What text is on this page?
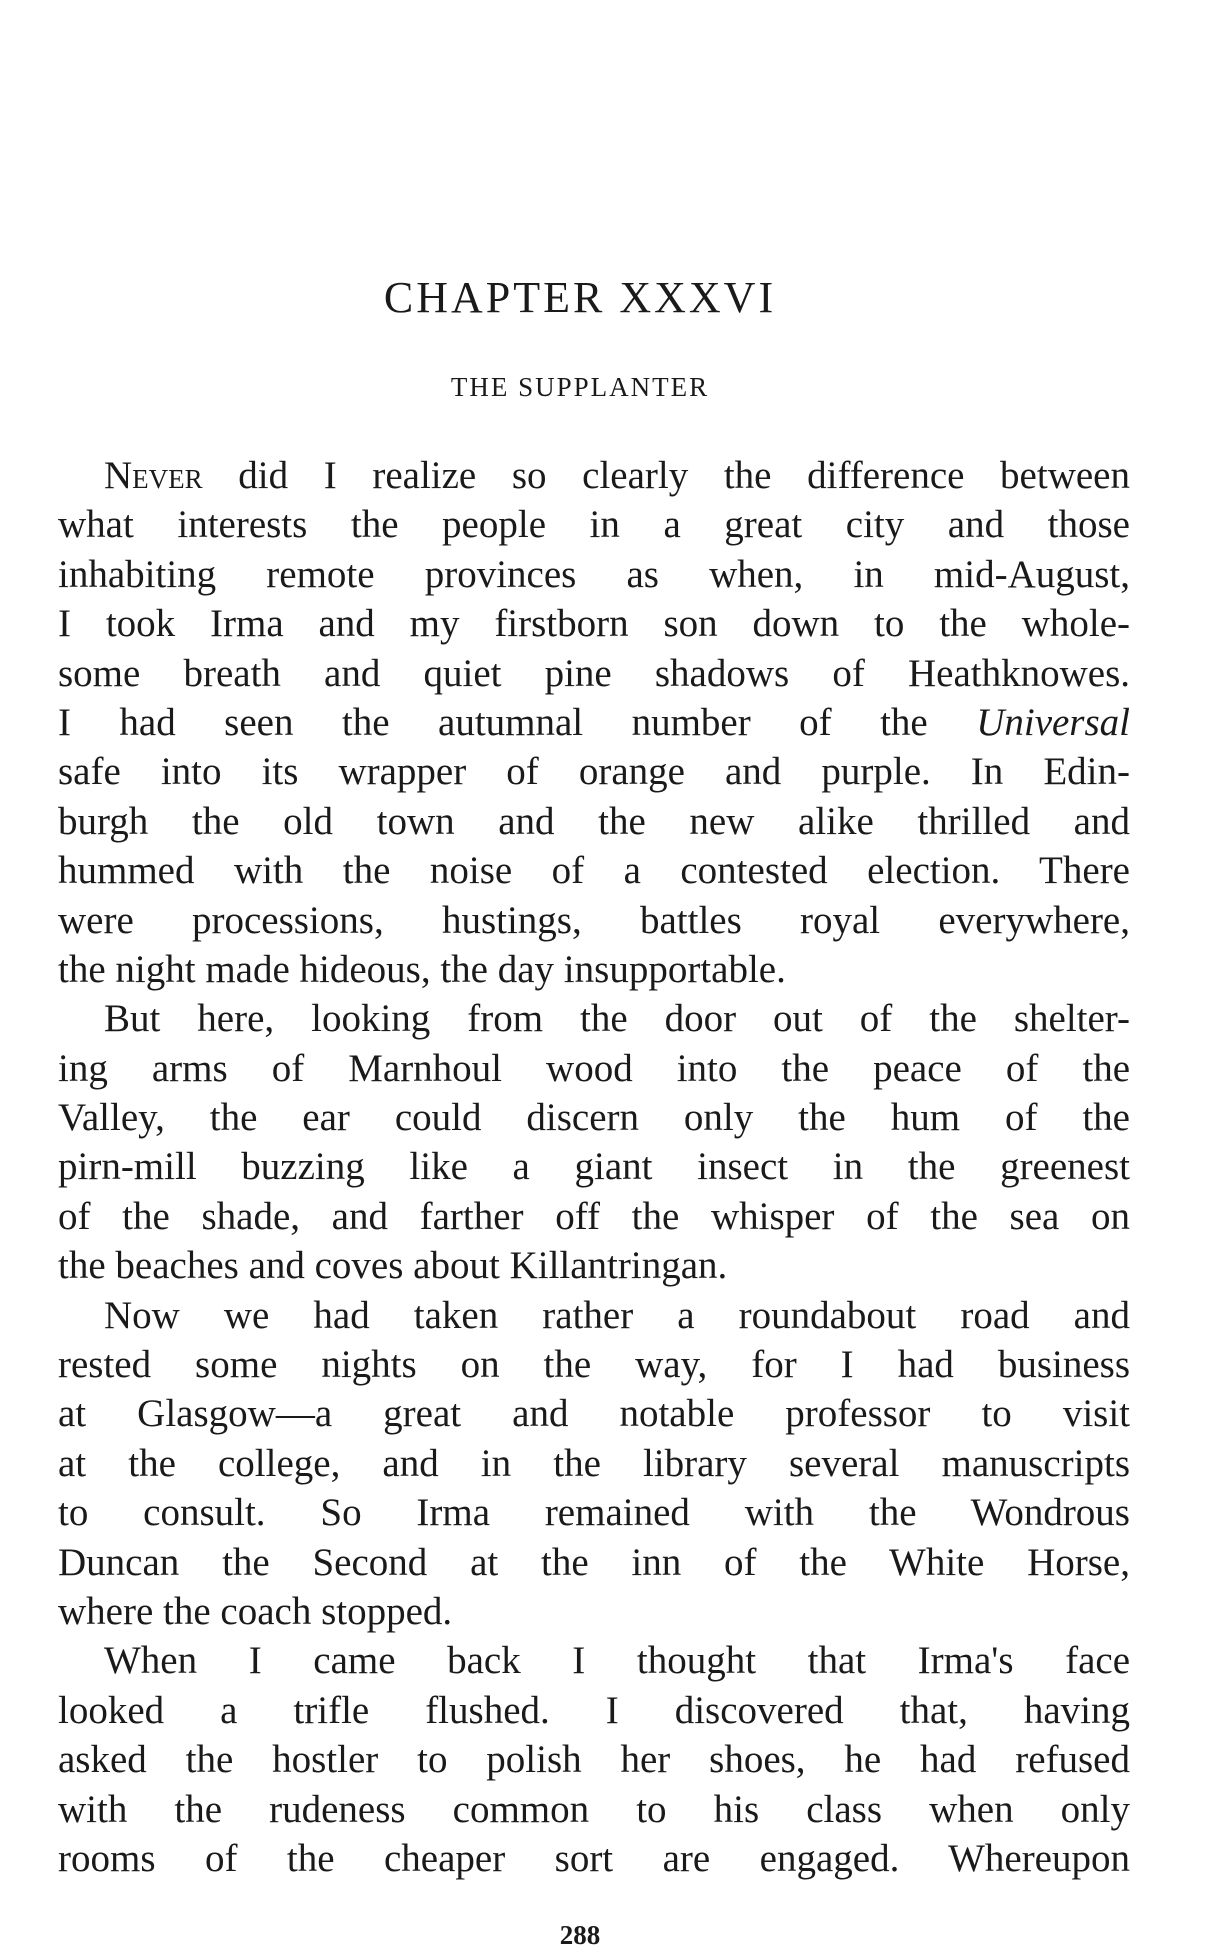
CHAPTER XXXVI
THE SUPPLANTER
Never did I realize so clearly the difference between
what interests the people in a great city and those
inhabiting remote provinces as when, in mid-August,
I took Irma and my firstborn son down to the whole-
some breath and quiet pine shadows of Heathknowes.
I had seen the autumnal number of the Universal
safe into its wrapper of orange and purple. In Edin-
burgh the old town and the new alike thrilled and
hummed with the noise of a contested election. There
were processions, hustings, battles royal everywhere,
the night made hideous, the day insupportable.
But here, looking from the door out of the shelter-
ing arms of Marnhoul wood into the peace of the
Valley, the ear could discern only the hum of the
pirn-mill buzzing like a giant insect in the greenest
of the shade, and farther off the whisper of the sea on
the beaches and coves about Killantringan.
Now we had taken rather a roundabout road and
rested some nights on the way, for I had business
at Glasgow—a great and notable professor to visit
at the college, and in the library several manuscripts
to consult. So Irma remained with the Wondrous
Duncan the Second at the inn of the White Horse,
where the coach stopped.
When I came back I thought that Irma's face
looked a trifle flushed. I discovered that, having
asked the hostler to polish her shoes, he had refused
with the rudeness common to his class when only
rooms of the cheaper sort are engaged. Whereupon

288
